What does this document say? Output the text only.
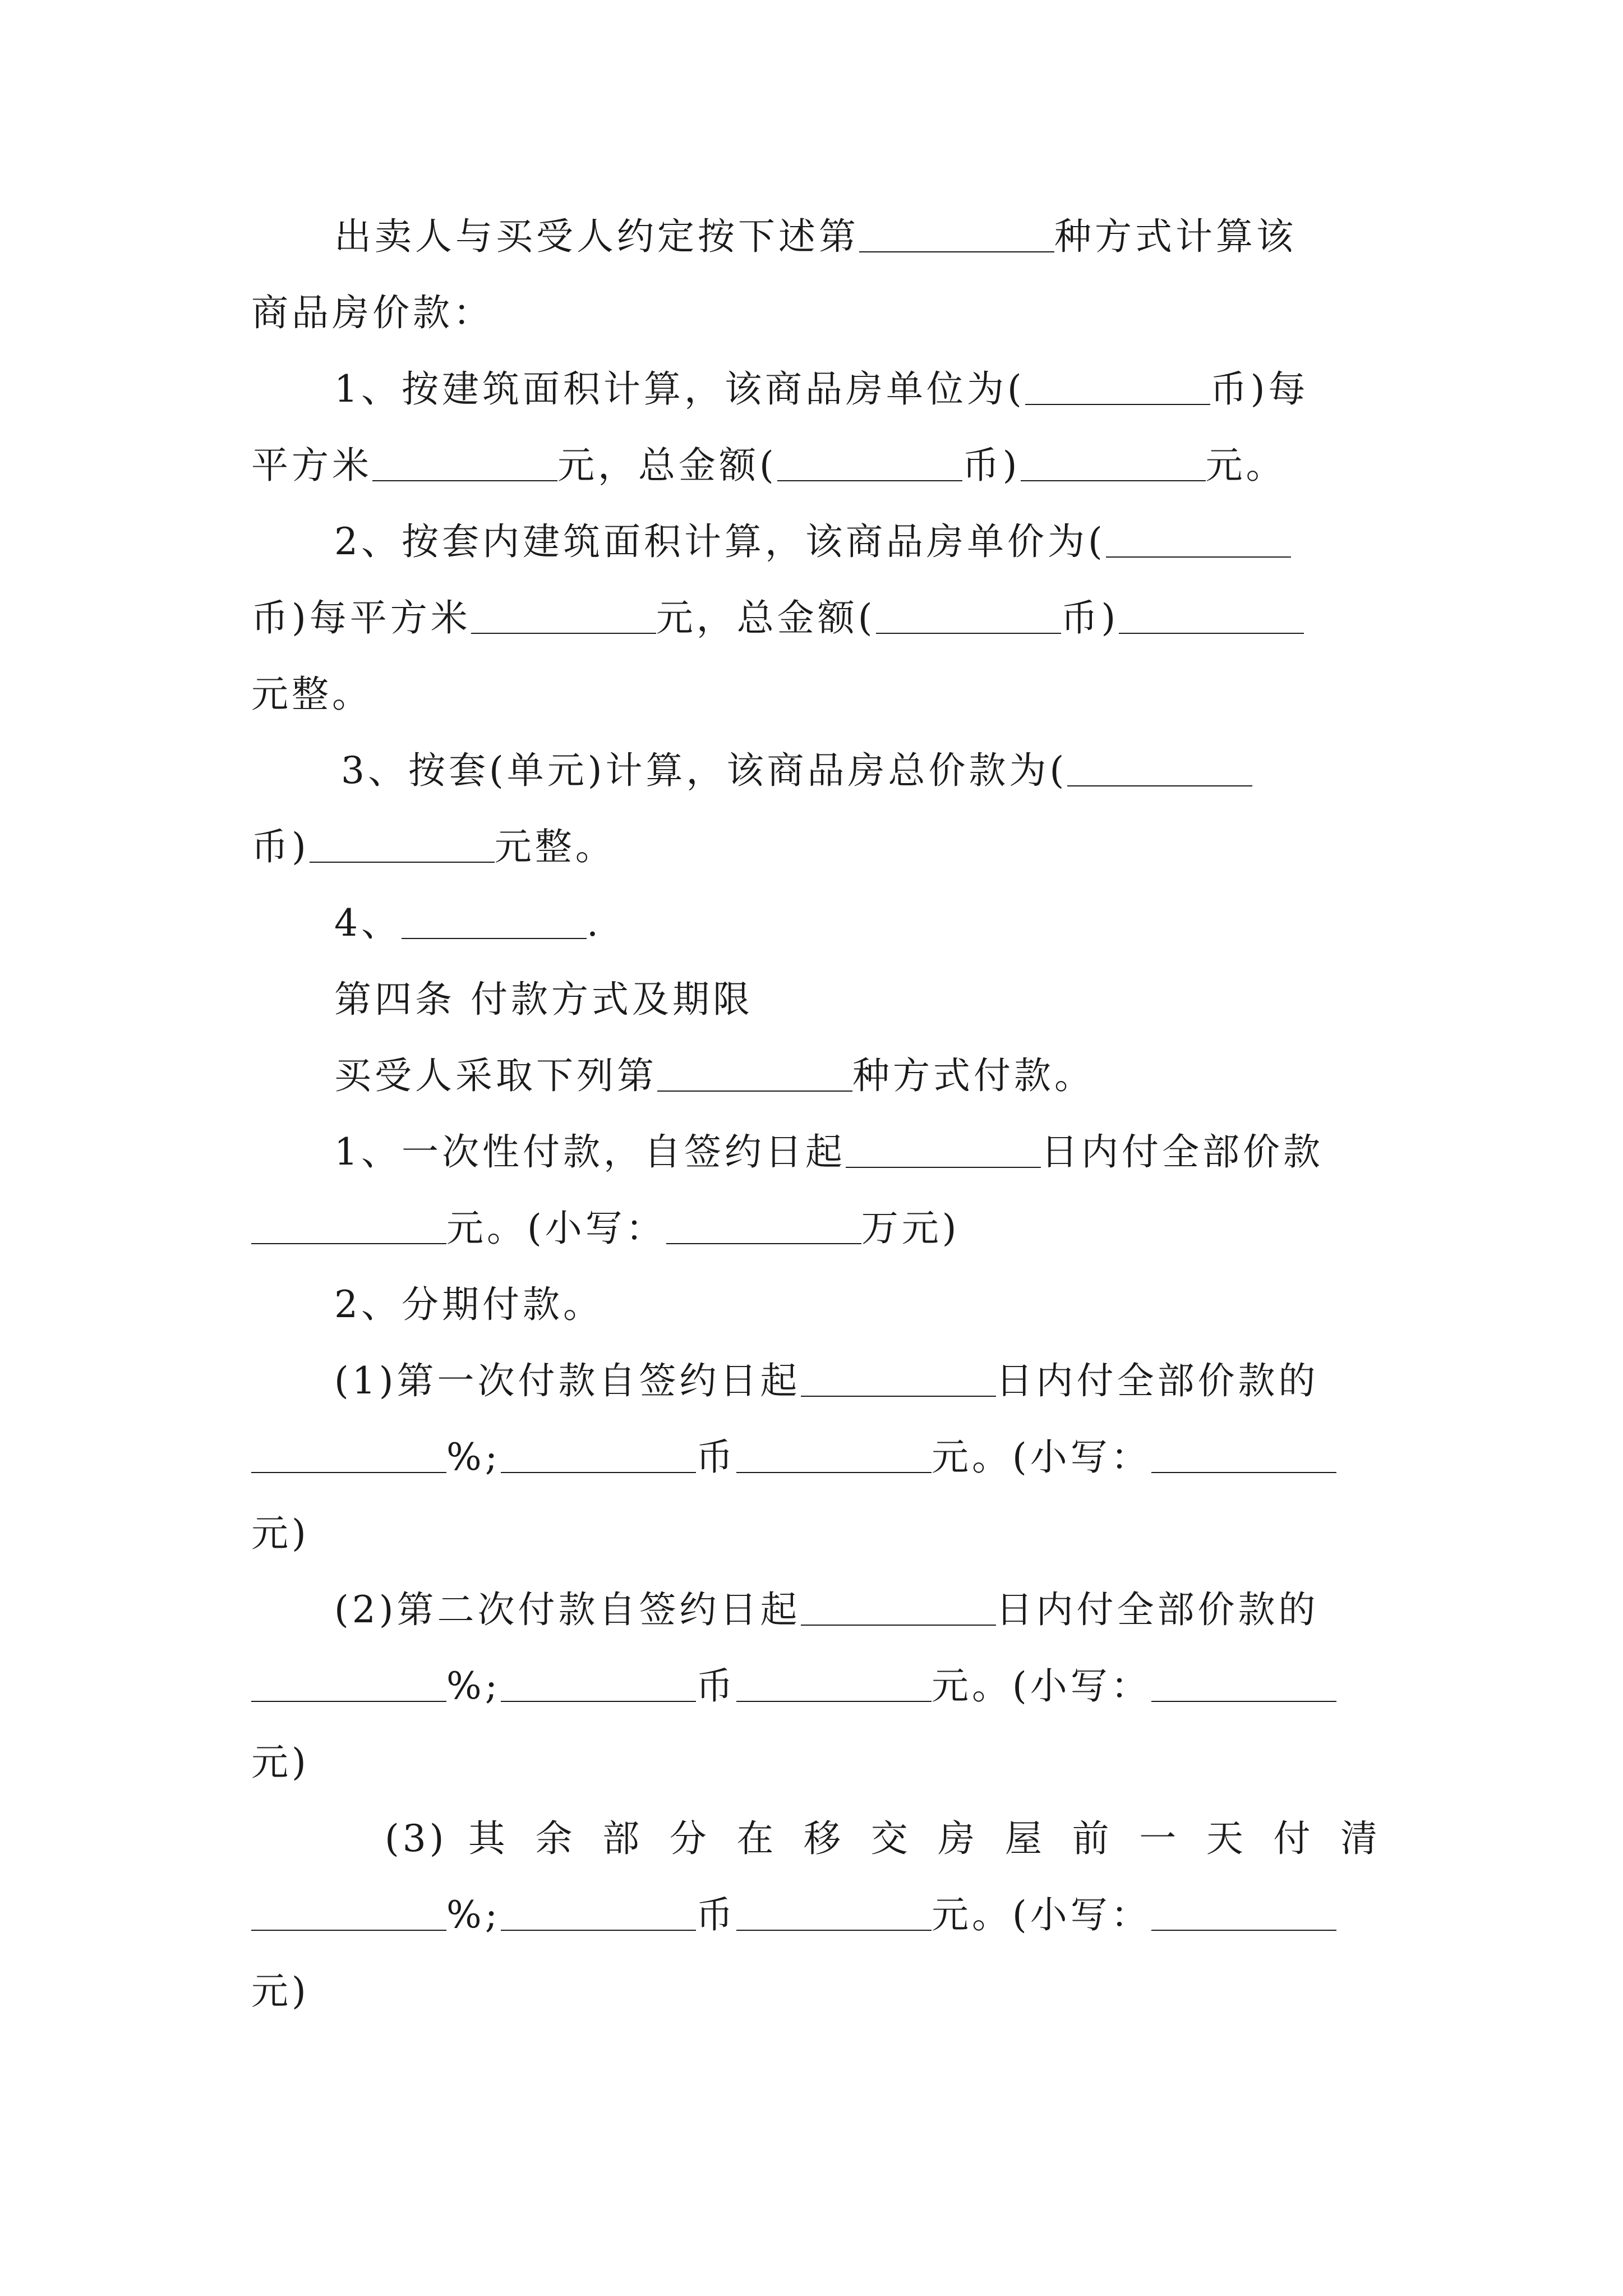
出卖人与买受人约定按下述第	种方式计算该
商品房价款：
1、按建筑面积计算，该商品房单位为(	币)每
平方米	元，总金额(	币)	元。
2、按套内建筑面积计算，该商品房单价为(
币)每平方米	元，总金额(	币)
元整。
3、按套(单元)计算，该商品房总价款为(
币)	元整。
4、	.
第四条 付款方式及期限
买受人采取下列第	种方式付款。
1、一次性付款，自签约日起	日内付全部价款
元。(小写：	万元)
2、分期付款。
(1)第一次付款自签约日起	日内付全部价款的
%;	币	元。(小写：
元)
(2)第二次付款自签约日起	日内付全部价款的
%;	币	元。(小写：
元)
(3) 其 余 部 分 在 移 交 房 屋 前 一 天 付 清
%;	币	元。(小写：
元)
